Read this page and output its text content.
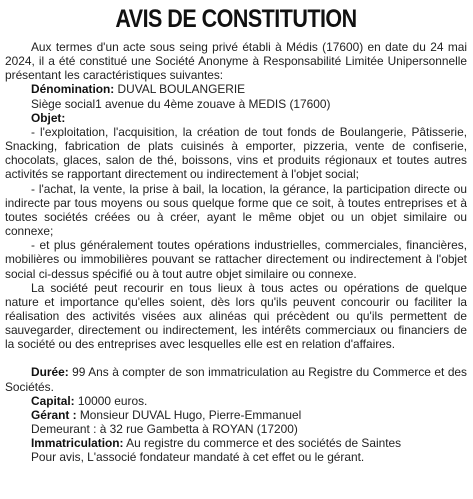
AVIS DE CONSTITUTION

Aux termes d'un acte sous seing privé établi à Médis (17600) en date du 24 mai 2024, il a été constitué une Société Anonyme à Responsabilité Limitée Unipersonnelle présentant les caractéristiques suivantes:

Dénomination: DUVAL BOULANGERIE

Siège social1 avenue du 4ème zouave à MEDIS (17600)

Objet:

- l'exploitation, l'acquisition, la création de tout fonds de Boulangerie, Pâtisserie, Snacking, fabrication de plats cuisinés à emporter, pizzeria, vente de confiserie, chocolats, glaces, salon de thé, boissons, vins et produits régionaux et toutes autres activités se rapportant directement ou indirectement à l'objet social;

- l'achat, la vente, la prise à bail, la location, la gérance, la participation directe ou indirecte par tous moyens ou sous quelque forme que ce soit, à toutes entreprises et à toutes sociétés créées ou à créer, ayant le même objet ou un objet similaire ou connexe;

- et plus généralement toutes opérations industrielles, commerciales, financières, mobilières ou immobilières pouvant se rattacher directement ou indirectement à l'objet social ci-dessus spécifié ou à tout autre objet similaire ou connexe.

La société peut recourir en tous lieux à tous actes ou opérations de quelque nature et importance qu'elles soient, dès lors qu'ils peuvent concourir ou faciliter la réalisation des activités visées aux alinéas qui précèdent ou qu'ils permettent de sauvegarder, directement ou indirectement, les intérêts commerciaux ou financiers de la société ou des entreprises avec lesquelles elle est en relation d'affaires.

Durée: 99 Ans à compter de son immatriculation au Registre du Commerce et des Sociétés.

Capital: 10000 euros.

Gérant : Monsieur DUVAL Hugo, Pierre-Emmanuel

Demeurant : à 32 rue Gambetta à ROYAN (17200)

Immatriculation: Au registre du commerce et des sociétés de Saintes

Pour avis, L'associé fondateur mandaté à cet effet ou le gérant.
